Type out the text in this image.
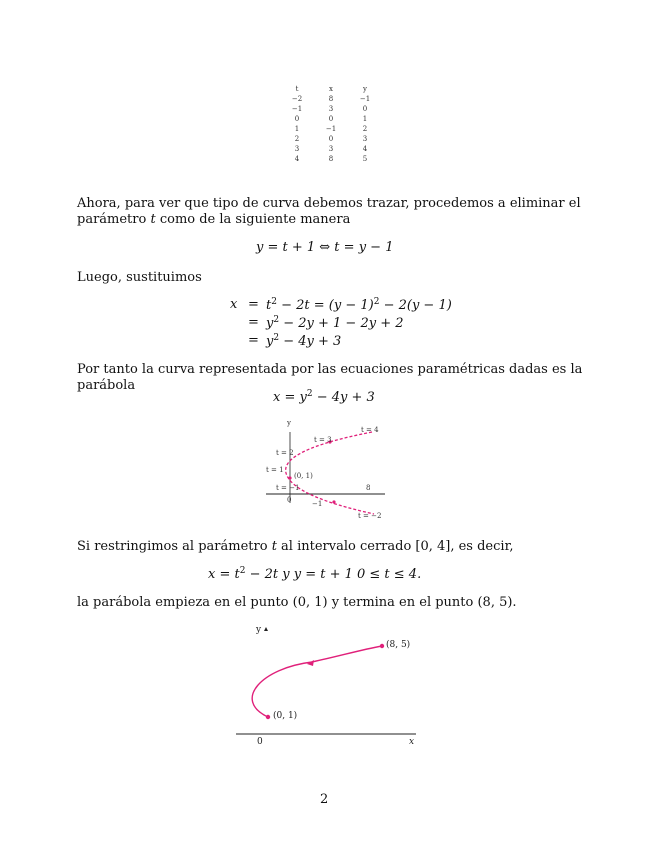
t	x	y
−2	8	−1
−1	3	0
0	0	1
1	−1	2
2	0	3
3	3	4
4	8	5
Ahora, para ver que tipo de curva debemos trazar, procedemos a eliminar el parámetro t como de la siguiente manera
y = t + 1 ⇔ t = y − 1
Luego, sustituimos
$x = t^2 - 2t = (y - 1)^2 - 2(y - 1)$
= $y^2 - 2y + 1 - 2y + 2$
= $y^2 - 4y + 3$
Por tanto la curva representada por las ecuaciones paramétricas dadas es la parábola
$x = y^2 - 4y + 3$
y
t = 4
t = 3
t = 2
t = 1
(0, 1)
t = −1
0
8
−1
t = −2
Si restringimos al parámetro t al intervalo cerrado [0, 4], es decir,
$x = t^2 - 2t$ y y = t + 1 0 ≤ t ≤ 4.
la parábola empieza en el punto (0, 1) y termina en el punto (8, 5).
y
(8, 5)
(0, 1)
0	x
2
